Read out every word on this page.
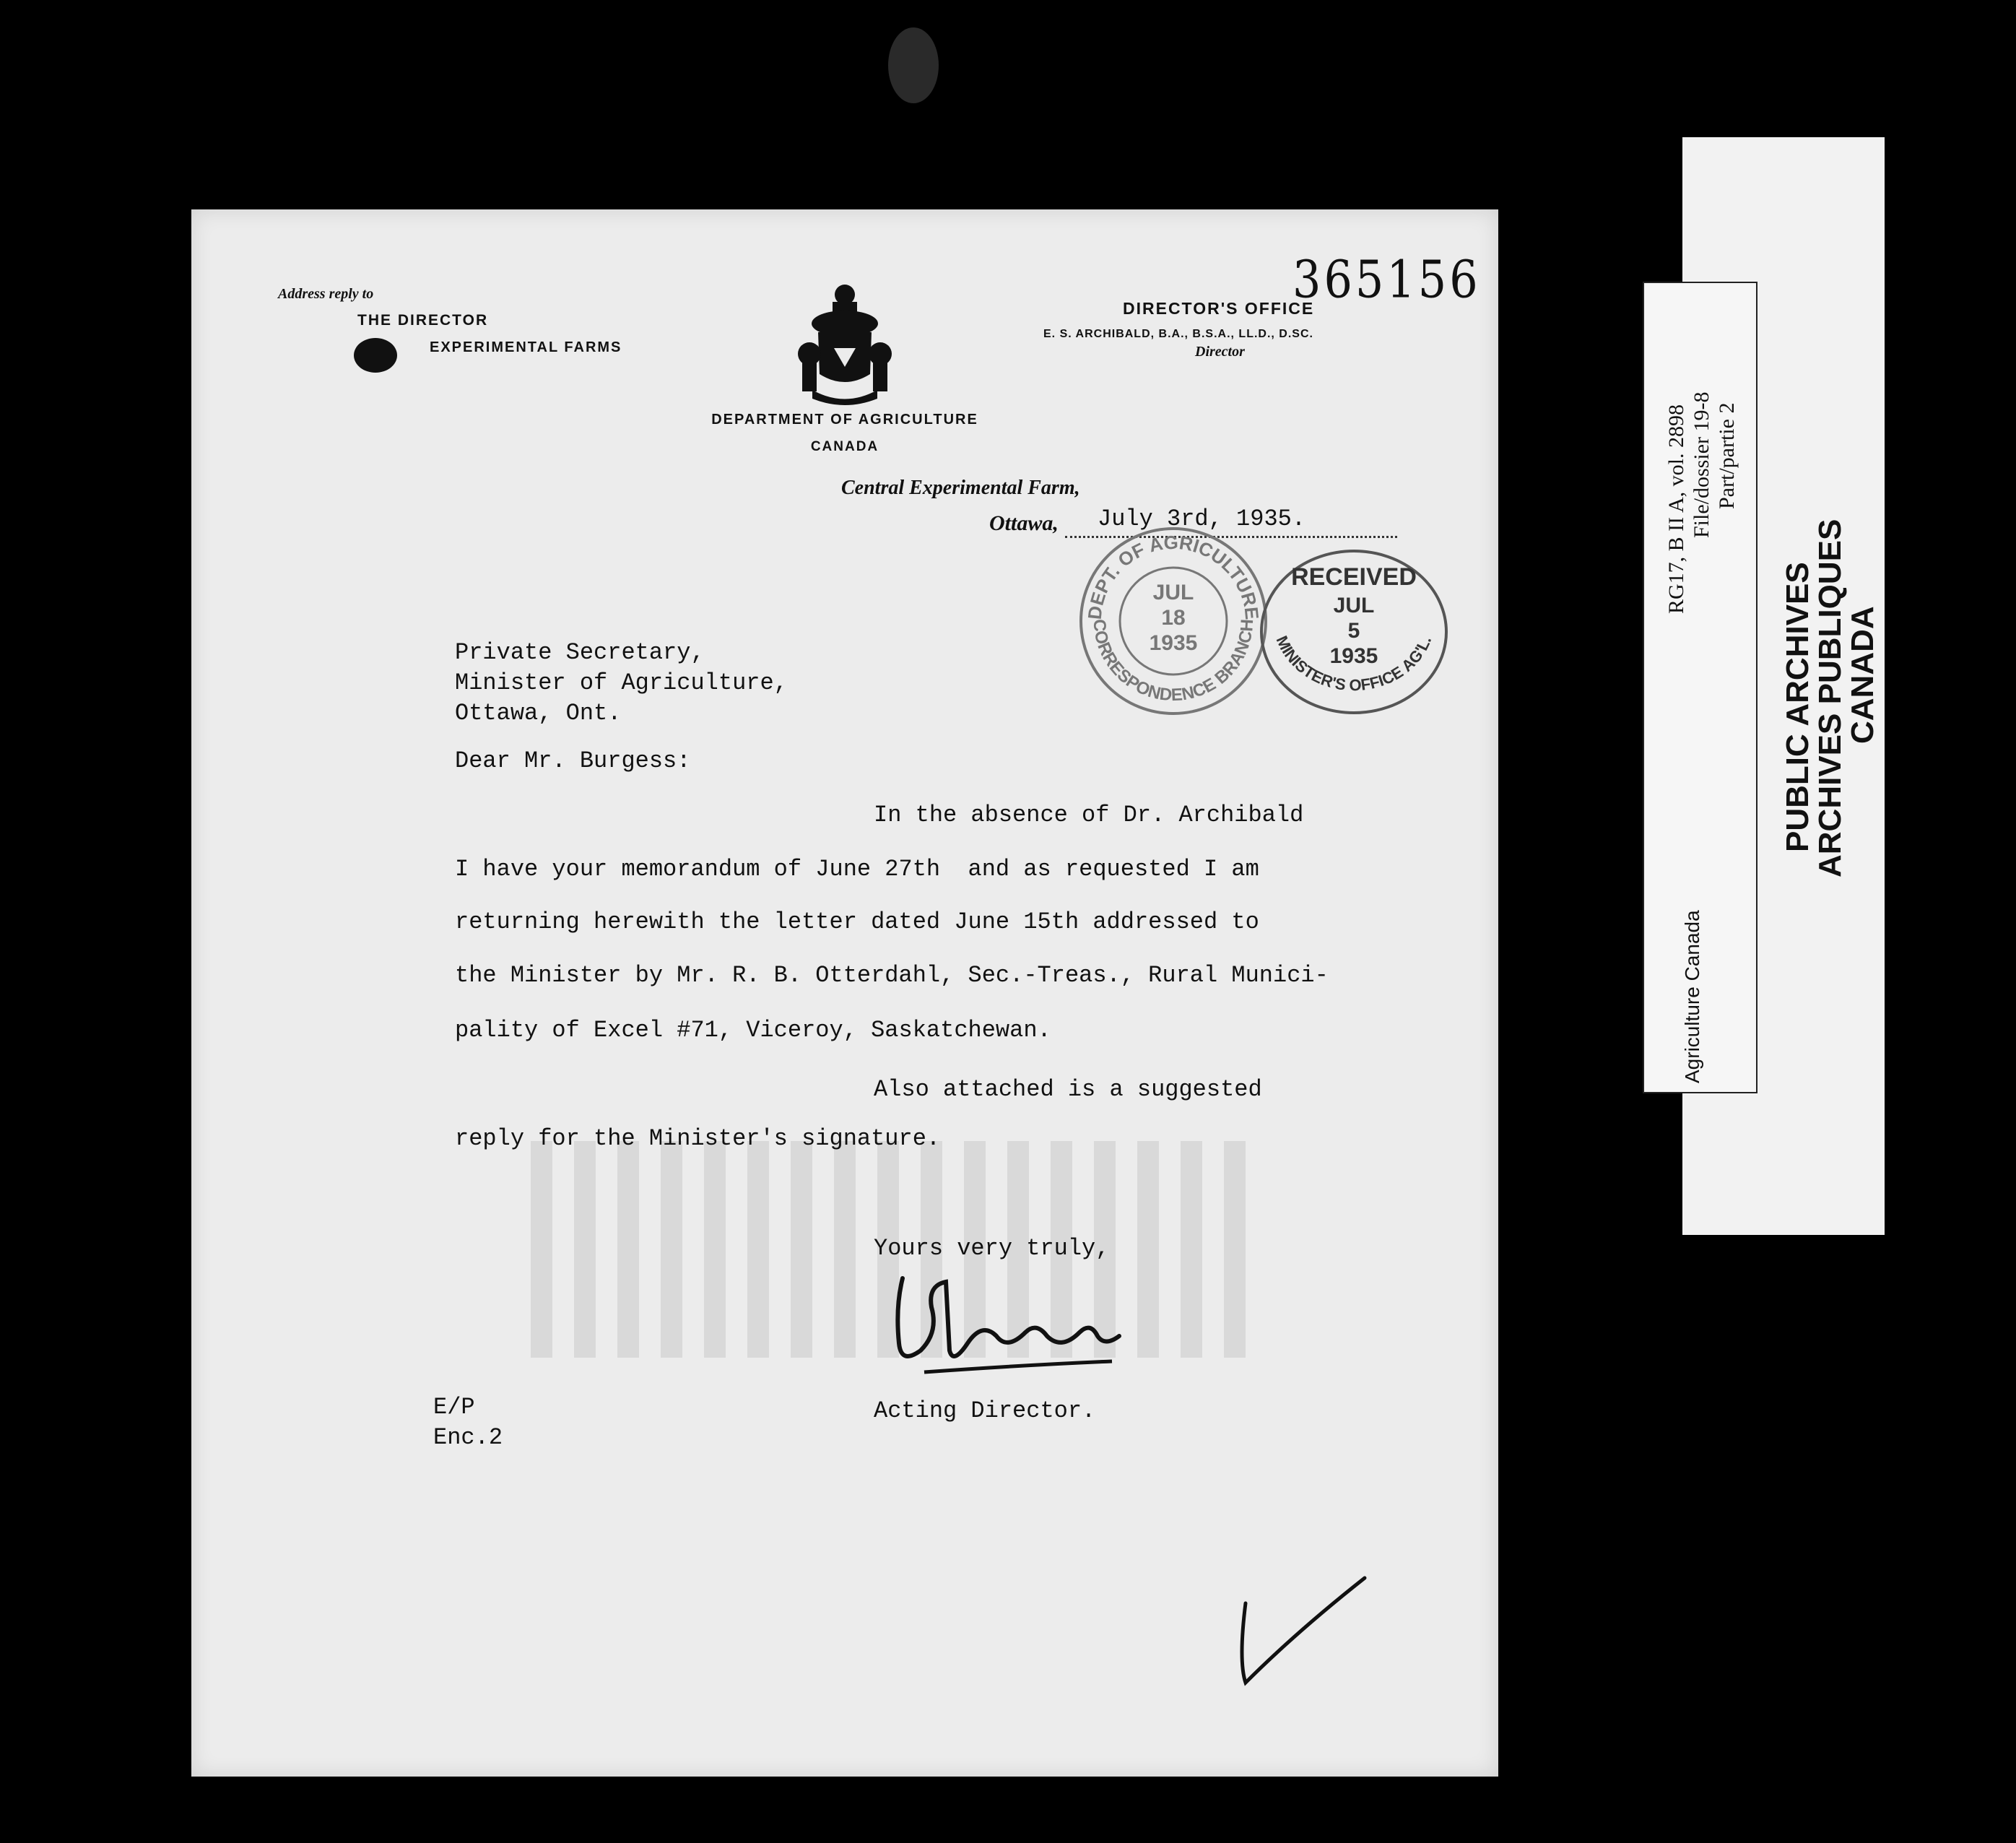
365156
Address reply to
THE DIRECTOR
EXPERIMENTAL FARMS
DIRECTOR'S OFFICE
E. S. ARCHIBALD, B.A., B.S.A., LL.D., D.SC.
Director
DEPARTMENT OF AGRICULTURE
CANADA
Central Experimental Farm,
Ottawa, July 3rd, 1935.
DEPT. OF AGRICULTURE
CORRESPONDENCE BRANCH
JUL
18
1935
RECEIVED
JUL
5
1935
MINISTER'S OFFICE AG'L.
Private Secretary,
Minister of Agriculture,
Ottawa, Ont.
Dear Mr. Burgess:
In the absence of Dr. Archibald
I have your memorandum of June 27th  and as requested I am
returning herewith the letter dated June 15th addressed to
the Minister by Mr. R. B. Otterdahl, Sec.-Treas., Rural Munici-
pality of Excel #71, Viceroy, Saskatchewan.
Also attached is a suggested
reply for the Minister's signature.
Yours very truly,
Acting Director.
E/P
Enc.2
Agriculture Canada
RG17, B II A, vol. 2898 File/dossier 19-8 Part/partie 2
PUBLIC ARCHIVES
ARCHIVES PUBLIQUES
CANADA
